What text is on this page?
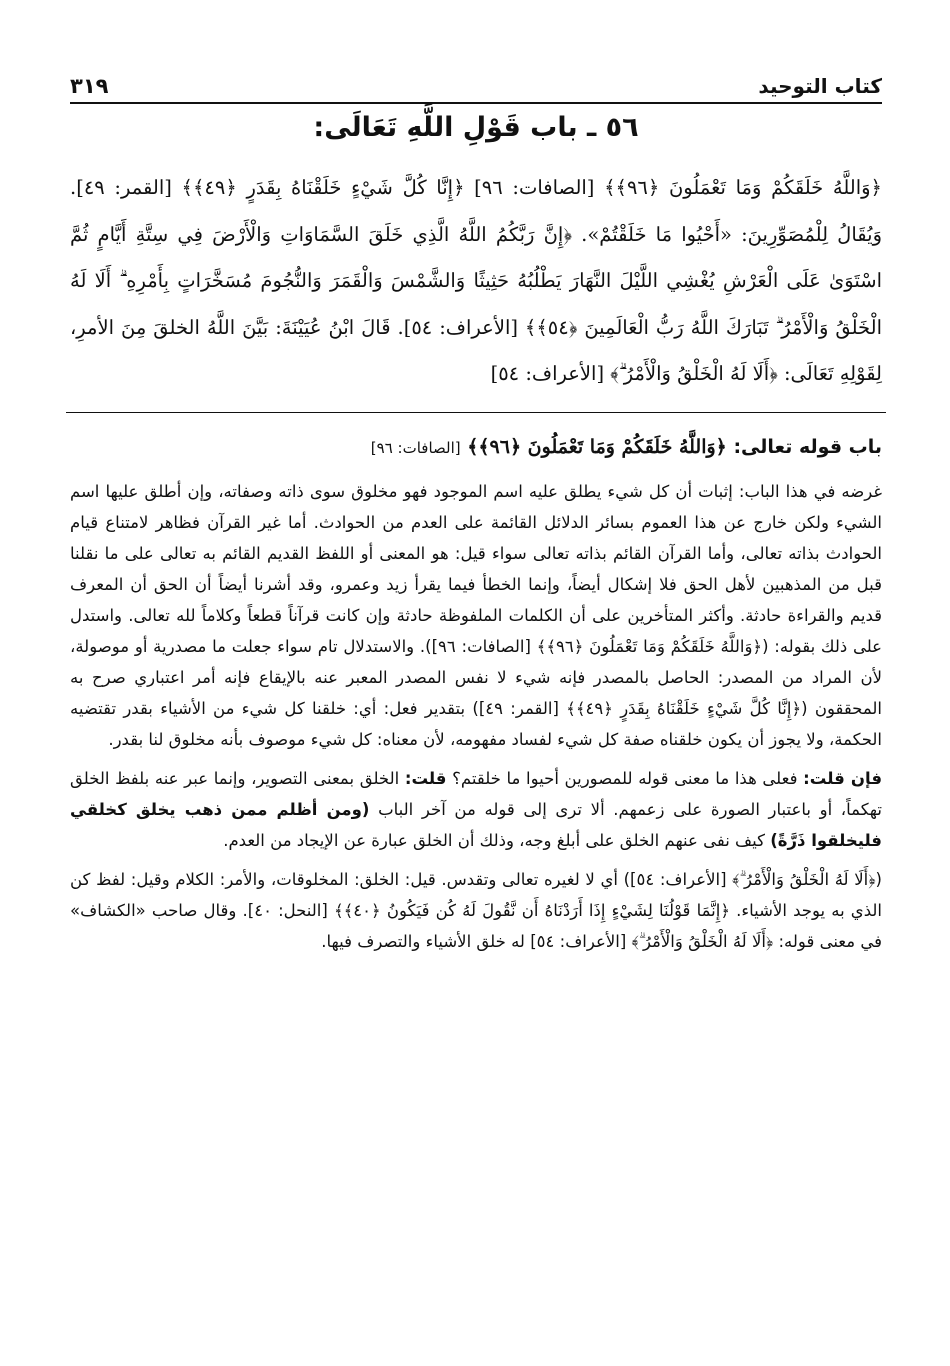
كتاب التوحيد
٣١٩
٥٦ ـ باب قَوْلِ اللَّهِ تَعَالَى:

﴿وَاللَّهُ خَلَقَكُمْ وَمَا تَعْمَلُونَ ﴿٩٦﴾﴾ [الصافات: ٩٦] ﴿إِنَّا كُلَّ شَيْءٍ خَلَقْنَاهُ بِقَدَرٍ ﴿٤٩﴾﴾ [القمر: ٤٩]. وَيُقَالُ لِلْمُصَوِّرِينَ: «أَحْيُوا مَا خَلَقْتُمْ». ﴿إِنَّ رَبَّكُمُ اللَّهُ الَّذِي خَلَقَ السَّمَاوَاتِ وَالْأَرْضَ فِي سِتَّةِ أَيَّامٍ ثُمَّ اسْتَوَىٰ عَلَى الْعَرْشِ يُغْشِي اللَّيْلَ النَّهَارَ يَطْلُبُهُ حَثِيثًا وَالشَّمْسَ وَالْقَمَرَ وَالنُّجُومَ مُسَخَّرَاتٍ بِأَمْرِهِ ۗ أَلَا لَهُ الْخَلْقُ وَالْأَمْرُ ۗ تَبَارَكَ اللَّهُ رَبُّ الْعَالَمِينَ ﴿٥٤﴾﴾ [الأعراف: ٥٤]. قَالَ ابْنُ عُيَيْنَةَ: بَيَّنَ اللَّهُ الخلقَ مِنَ الأمرِ، لِقَوْلِهِ تَعَالَى: ﴿أَلَا لَهُ الْخَلْقُ وَالْأَمْرُ ۗ﴾ [الأعراف: ٥٤]

باب قوله تعالى: ﴿وَاللَّهُ خَلَقَكُمْ وَمَا تَعْمَلُونَ ﴿٩٦﴾﴾ [الصافات: ٩٦]

غرضه في هذا الباب: إثبات أن كل شيء يطلق عليه اسم الموجود فهو مخلوق سوى ذاته وصفاته، وإن أطلق عليها اسم الشيء ولكن خارج عن هذا العموم بسائر الدلائل القائمة على العدم من الحوادث. أما غير القرآن فظاهر لامتناع قيام الحوادث بذاته تعالى، وأما القرآن القائم بذاته تعالى سواء قيل: هو المعنى أو اللفظ القديم القائم به تعالى على ما نقلنا قبل من المذهبين لأهل الحق فلا إشكال أيضاً، وإنما الخطأ فيما يقرأ زيد وعمرو، وقد أشرنا أيضاً أن الحق أن المعرف قديم والقراءة حادثة. وأكثر المتأخرين على أن الكلمات الملفوظة حادثة وإن كانت قرآناً قطعاً وكلاماً لله تعالى. واستدل على ذلك بقوله: (﴿وَاللَّهُ خَلَقَكُمْ وَمَا تَعْمَلُونَ ﴿٩٦﴾﴾ [الصافات: ٩٦]). والاستدلال تام سواء جعلت ما مصدرية أو موصولة، لأن المراد من المصدر: الحاصل بالمصدر فإنه شيء لا نفس المصدر المعبر عنه بالإيقاع فإنه أمر اعتباري صرح به المحققون (﴿إِنَّا كُلَّ شَيْءٍ خَلَقْنَاهُ بِقَدَرٍ ﴿٤٩﴾﴾ [القمر: ٤٩]) بتقدير فعل: أي: خلقنا كل شيء من الأشياء بقدر تقتضيه الحكمة، ولا يجوز أن يكون خلقناه صفة كل شيء لفساد مفهومه، لأن معناه: كل شيء موصوف بأنه مخلوق لنا بقدر.

فإن قلت: فعلى هذا ما معنى قوله للمصورين أحيوا ما خلقتم؟ قلت: الخلق بمعنى التصوير، وإنما عبر عنه بلفظ الخلق تهكماً، أو باعتبار الصورة على زعمهم. ألا ترى إلى قوله من آخر الباب (ومن أظلم ممن ذهب يخلق كخلقي فليخلقوا ذَرَّةً) كيف نفى عنهم الخلق على أبلغ وجه، وذلك أن الخلق عبارة عن الإيجاد من العدم.

(﴿أَلَا لَهُ الْخَلْقُ وَالْأَمْرُ ۗ﴾ [الأعراف: ٥٤]) أي لا لغيره تعالى وتقدس. قيل: الخلق: المخلوقات، والأمر: الكلام وقيل: لفظ كن الذي به يوجد الأشياء. ﴿إِنَّمَا قَوْلُنَا لِشَيْءٍ إِذَا أَرَدْنَاهُ أَن نَّقُولَ لَهُ كُن فَيَكُونُ ﴿٤٠﴾﴾ [النحل: ٤٠]. وقال صاحب «الكشاف» في معنى قوله: ﴿أَلَا لَهُ الْخَلْقُ وَالْأَمْرُ ۗ﴾ [الأعراف: ٥٤] له خلق الأشياء والتصرف فيها.
